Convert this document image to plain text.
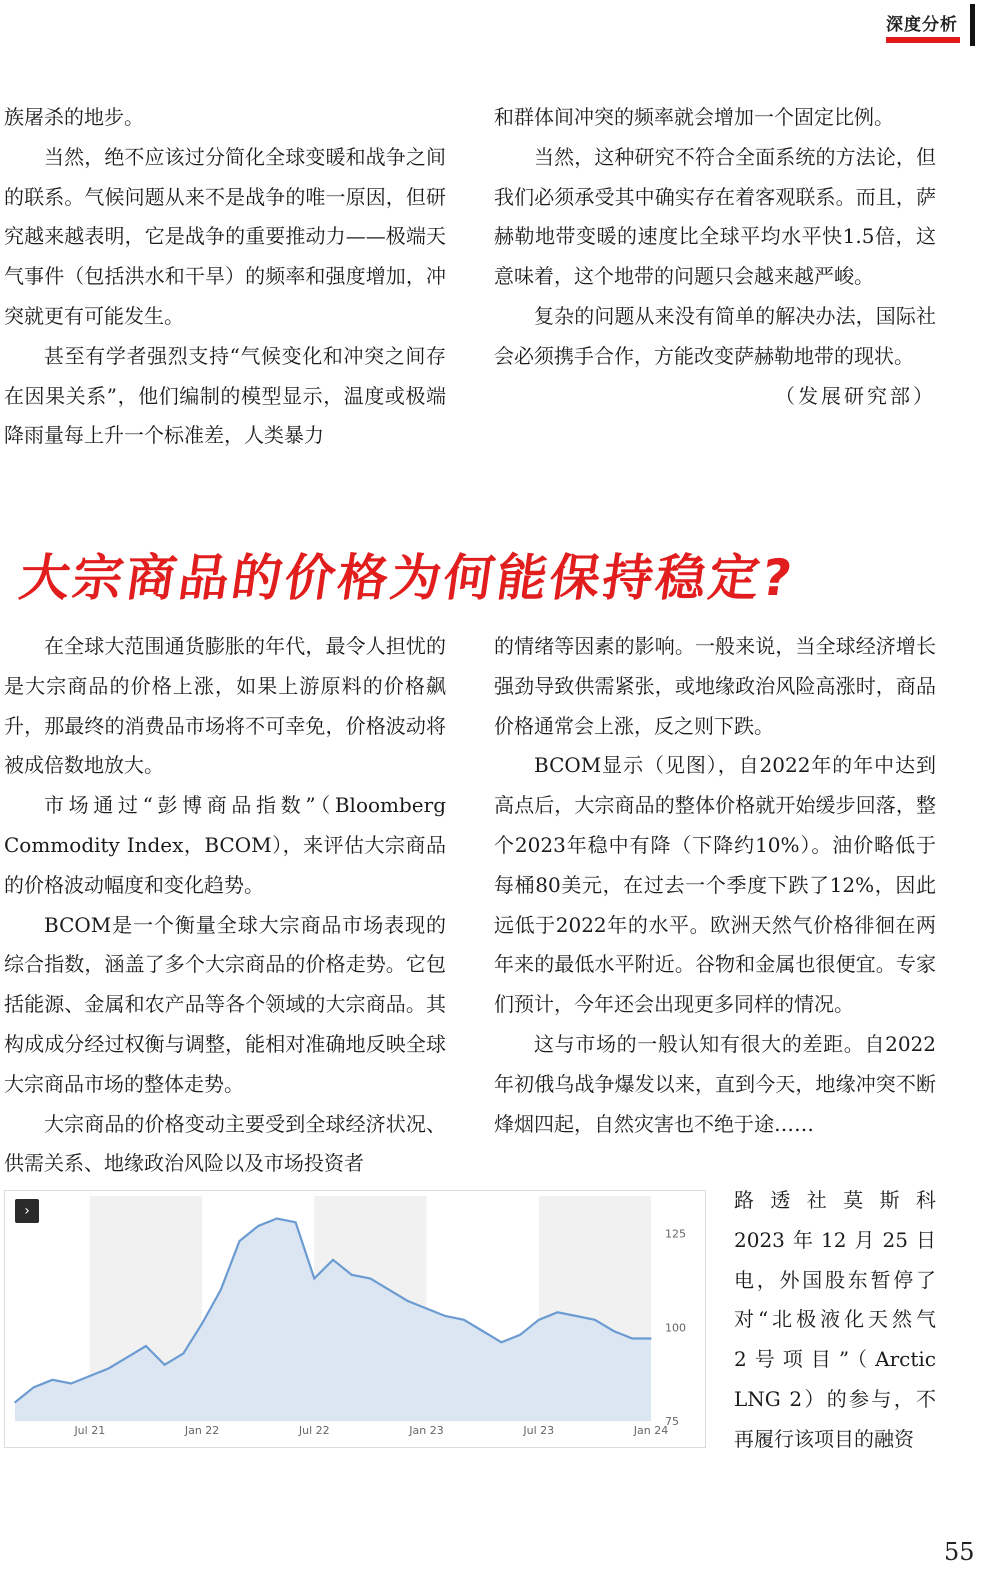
深度分析

族屠杀的地步。

当然，绝不应该过分简化全球变暖和战争之间的联系。气候问题从来不是战争的唯一原因，但研究越来越表明，它是战争的重要推动力——极端天气事件（包括洪水和干旱）的频率和强度增加，冲突就更有可能发生。

甚至有学者强烈支持“气候变化和冲突之间存在因果关系”，他们编制的模型显示，温度或极端降雨量每上升一个标准差，人类暴力

和群体间冲突的频率就会增加一个固定比例。

当然，这种研究不符合全面系统的方法论，但我们必须承受其中确实存在着客观联系。而且，萨赫勒地带变暖的速度比全球平均水平快1.5倍，这意味着，这个地带的问题只会越来越严峻。

复杂的问题从来没有简单的解决办法，国际社会必须携手合作，方能改变萨赫勒地带的现状。
（发展研究部）

大宗商品的价格为何能保持稳定?

在全球大范围通货膨胀的年代，最令人担忧的是大宗商品的价格上涨，如果上游原料的价格飙升，那最终的消费品市场将不可幸免，价格波动将被成倍数地放大。

市场通过“彭博商品指数”（Bloomberg Commodity Index，BCOM），来评估大宗商品的价格波动幅度和变化趋势。

BCOM是一个衡量全球大宗商品市场表现的综合指数，涵盖了多个大宗商品的价格走势。它包括能源、金属和农产品等各个领域的大宗商品。其构成成分经过权衡与调整，能相对准确地反映全球大宗商品市场的整体走势。

大宗商品的价格变动主要受到全球经济状况、供需关系、地缘政治风险以及市场投资者

的情绪等因素的影响。一般来说，当全球经济增长强劲导致供需紧张，或地缘政治风险高涨时，商品价格通常会上涨，反之则下跌。

BCOM显示（见图），自2022年的年中达到高点后，大宗商品的整体价格就开始缓步回落，整个2023年稳中有降（下降约10%）。油价略低于每桶80美元，在过去一个季度下跌了12%，因此远低于2022年的水平。欧洲天然气价格徘徊在两年来的最低水平附近。谷物和金属也很便宜。专家们预计，今年还会出现更多同样的情况。

这与市场的一般认知有很大的差距。自2022年初俄乌战争爆发以来，直到今天，地缘冲突不断烽烟四起，自然灾害也不绝于途……

路透社莫斯科

2023年12月25日

电，外国股东暂停了

对“北极液化天然气

2号项目”（Arctic

LNG 2）的参与，不

再履行该项目的融资

Jul 21	Jan 22	Jul 22	Jan 23	Jul 23	Jan 24
75
100
125
›
55
